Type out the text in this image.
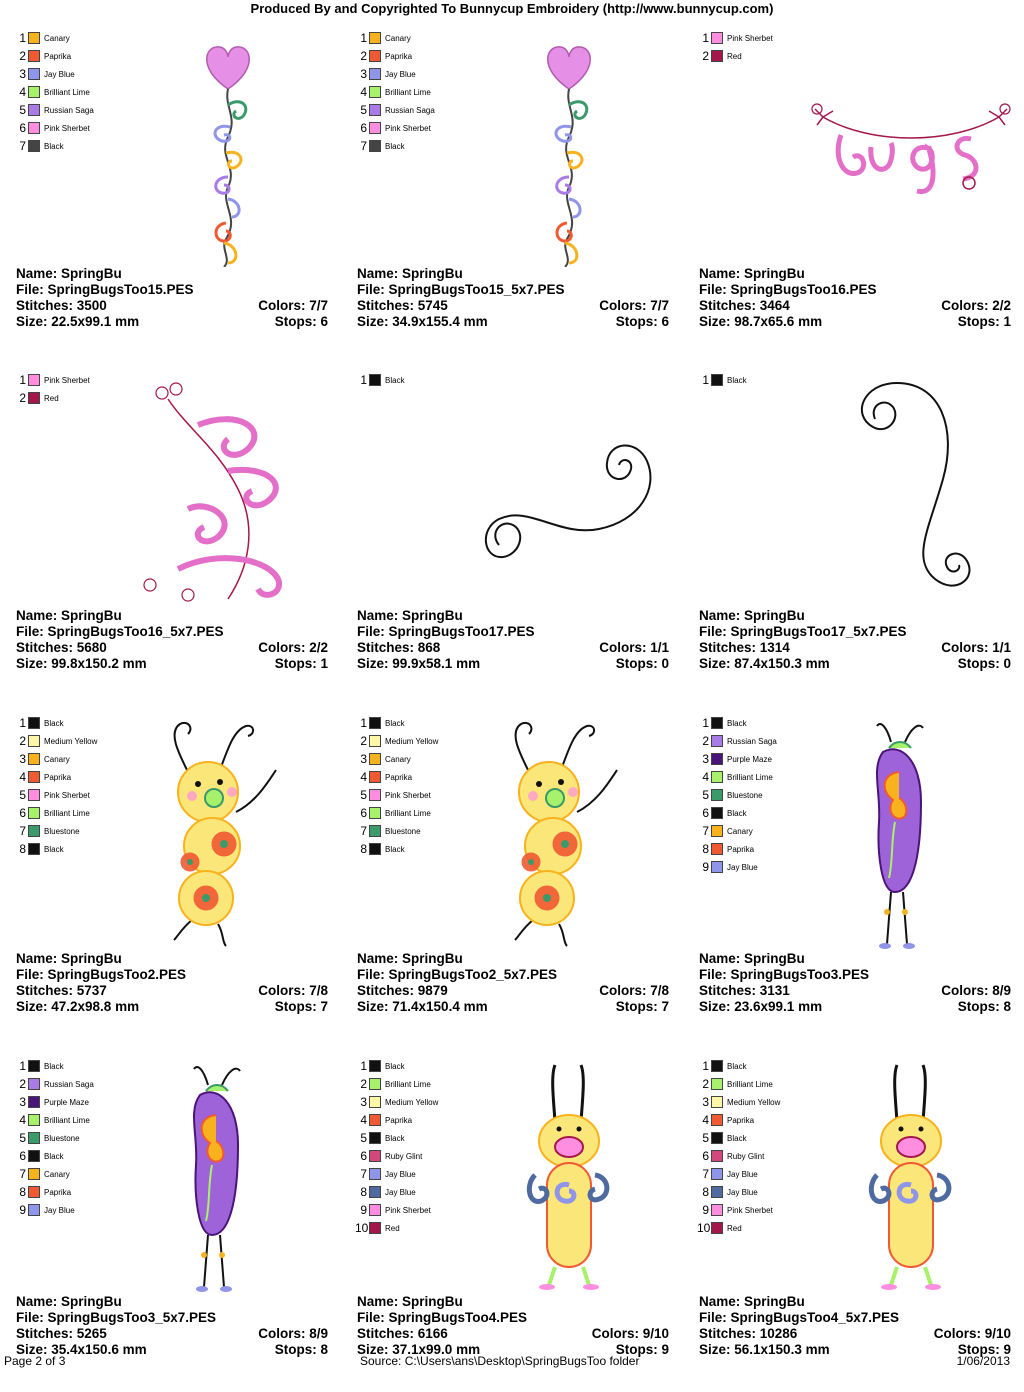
Produced By and Copyrighted To Bunnycup Embroidery (http://www.bunnycup.com)
1 Canary
2 Paprika
3 Jay Blue
4 Brilliant Lime
5 Russian Saga
6 Pink Sherbet
7 Black
Name: SpringBu
File: SpringBugsToo15.PES
Stitches: 3500	Colors: 7/7
Size: 22.5x99.1 mm	Stops: 6
1 Canary
2 Paprika
3 Jay Blue
4 Brilliant Lime
5 Russian Saga
6 Pink Sherbet
7 Black
Name: SpringBu
File: SpringBugsToo15_5x7.PES
Stitches: 5745	Colors: 7/7
Size: 34.9x155.4 mm	Stops: 6
1 Pink Sherbet
2 Red
Name: SpringBu
File: SpringBugsToo16.PES
Stitches: 3464	Colors: 2/2
Size: 98.7x65.6 mm	Stops: 1
1 Pink Sherbet
2 Red
Name: SpringBu
File: SpringBugsToo16_5x7.PES
Stitches: 5680	Colors: 2/2
Size: 99.8x150.2 mm	Stops: 1
1 Black
Name: SpringBu
File: SpringBugsToo17.PES
Stitches: 868	Colors: 1/1
Size: 99.9x58.1 mm	Stops: 0
1 Black
Name: SpringBu
File: SpringBugsToo17_5x7.PES
Stitches: 1314	Colors: 1/1
Size: 87.4x150.3 mm	Stops: 0
1 Black
2 Medium Yellow
3 Canary
4 Paprika
5 Pink Sherbet
6 Brilliant Lime
7 Bluestone
8 Black
Name: SpringBu
File: SpringBugsToo2.PES
Stitches: 5737	Colors: 7/8
Size: 47.2x98.8 mm	Stops: 7
1 Black
2 Medium Yellow
3 Canary
4 Paprika
5 Pink Sherbet
6 Brilliant Lime
7 Bluestone
8 Black
Name: SpringBu
File: SpringBugsToo2_5x7.PES
Stitches: 9879	Colors: 7/8
Size: 71.4x150.4 mm	Stops: 7
1 Black
2 Russian Saga
3 Purple Maze
4 Brilliant Lime
5 Bluestone
6 Black
7 Canary
8 Paprika
9 Jay Blue
Name: SpringBu
File: SpringBugsToo3.PES
Stitches: 3131	Colors: 8/9
Size: 23.6x99.1 mm	Stops: 8
1 Black
2 Russian Saga
3 Purple Maze
4 Brilliant Lime
5 Bluestone
6 Black
7 Canary
8 Paprika
9 Jay Blue
Name: SpringBu
File: SpringBugsToo3_5x7.PES
Stitches: 5265	Colors: 8/9
Size: 35.4x150.6 mm	Stops: 8
1 Black
2 Brilliant Lime
3 Medium Yellow
4 Paprika
5 Black
6 Ruby Glint
7 Jay Blue
8 Jay Blue
9 Pink Sherbet
10 Red
Name: SpringBu
File: SpringBugsToo4.PES
Stitches: 6166	Colors: 9/10
Size: 37.1x99.0 mm	Stops: 9
1 Black
2 Brilliant Lime
3 Medium Yellow
4 Paprika
5 Black
6 Ruby Glint
7 Jay Blue
8 Jay Blue
9 Pink Sherbet
10 Red
Name: SpringBu
File: SpringBugsToo4_5x7.PES
Stitches: 10286	Colors: 9/10
Size: 56.1x150.3 mm	Stops: 9
Page 2 of 3	Source: C:\Users\ans\Desktop\SpringBugsToo folder	1/06/2013
